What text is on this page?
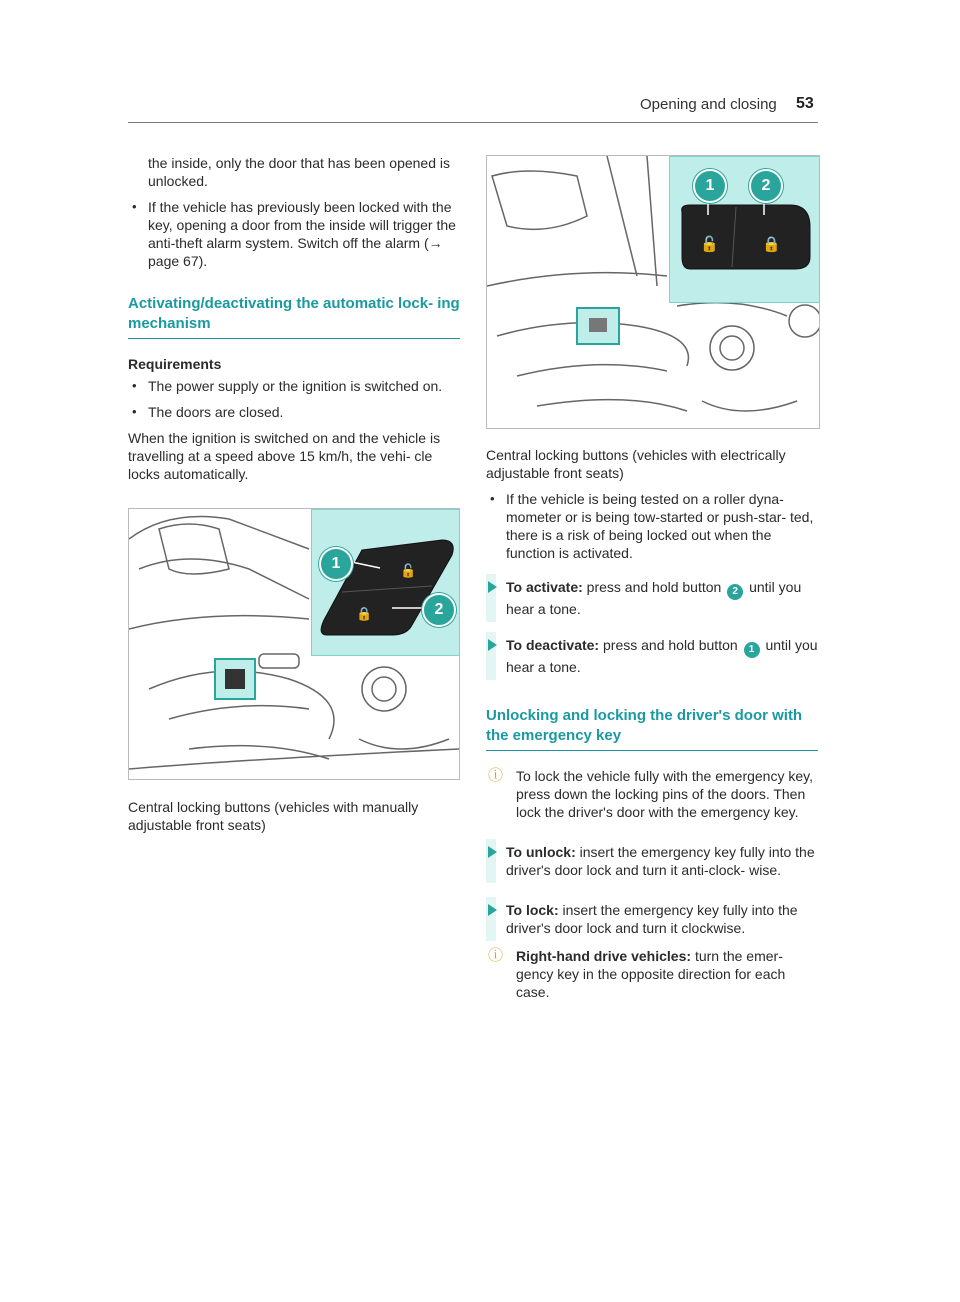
Opening and closing 53

the inside, only the door that has been opened is unlocked.

• If the vehicle has previously been locked with the key, opening a door from the inside will trigger the anti-theft alarm system. Switch off the alarm (→ page 67).

Activating/deactivating the automatic lock- ing mechanism

Requirements

• The power supply or the ignition is switched on.

• The doors are closed.

When the ignition is switched on and the vehicle is travelling at a speed above 15 km/h, the vehi- cle locks automatically.

🔓
🔒
1
2

Central locking buttons (vehicles with manually adjustable front seats)

🔓	🔒
1	2

Central locking buttons (vehicles with electrically adjustable front seats)

• If the vehicle is being tested on a roller dyna- mometer or is being tow-started or push-star- ted, there is a risk of being locked out when the function is activated.

To activate: press and hold button 2 until you hear a tone.
To deactivate: press and hold button 1 until you hear a tone.
Unlocking and locking the driver's door with the emergency key
ⓘ To lock the vehicle fully with the emergency key, press down the locking pins of the doors. Then lock the driver's door with the emergency key.
To unlock: insert the emergency key fully into the driver's door lock and turn it anti-clock- wise.
To lock: insert the emergency key fully into the driver's door lock and turn it clockwise.
ⓘ Right-hand drive vehicles: turn the emer- gency key in the opposite direction for each case.
